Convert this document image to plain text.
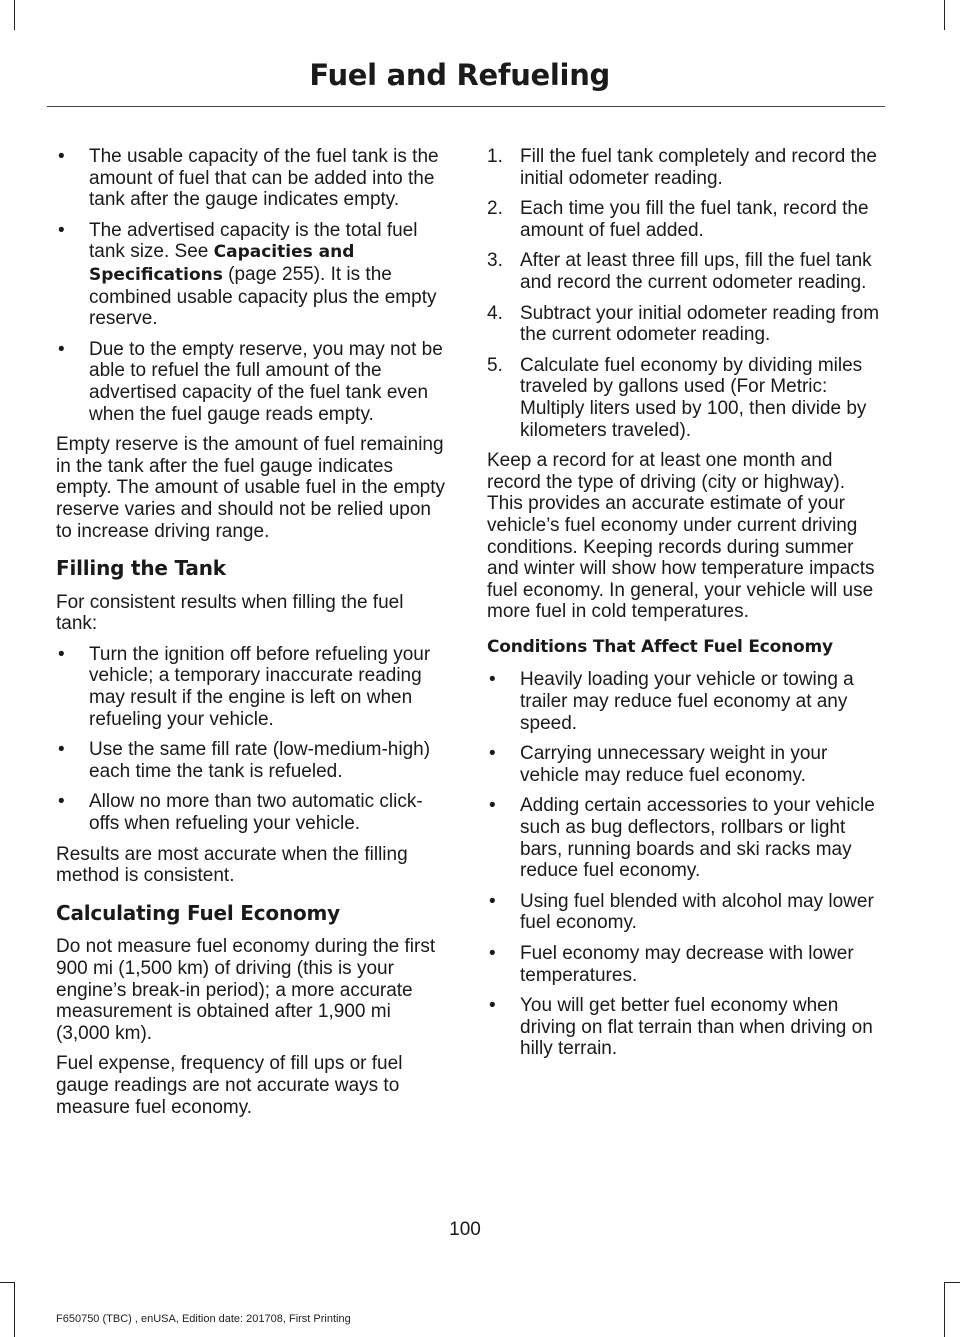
Fuel and Refueling
• The usable capacity of the fuel tank is the amount of fuel that can be added into the tank after the gauge indicates empty.
• The advertised capacity is the total fuel tank size. See Capacities and Specifications (page 255). It is the combined usable capacity plus the empty reserve.
• Due to the empty reserve, you may not be able to refuel the full amount of the advertised capacity of the fuel tank even when the fuel gauge reads empty.

Empty reserve is the amount of fuel remaining in the tank after the fuel gauge indicates empty. The amount of usable fuel in the empty reserve varies and should not be relied upon to increase driving range.

Filling the Tank

For consistent results when filling the fuel tank:

• Turn the ignition off before refueling your vehicle; a temporary inaccurate reading may result if the engine is left on when refueling your vehicle.
• Use the same fill rate (low-medium-high) each time the tank is refueled.
• Allow no more than two automatic click-offs when refueling your vehicle.

Results are most accurate when the filling method is consistent.

Calculating Fuel Economy

Do not measure fuel economy during the first 900 mi (1,500 km) of driving (this is your engine’s break-in period); a more accurate measurement is obtained after 1,900 mi (3,000 km).

Fuel expense, frequency of fill ups or fuel gauge readings are not accurate ways to measure fuel economy.

1. Fill the fuel tank completely and record the initial odometer reading.
2. Each time you fill the fuel tank, record the amount of fuel added.
3. After at least three fill ups, fill the fuel tank and record the current odometer reading.
4. Subtract your initial odometer reading from the current odometer reading.
5. Calculate fuel economy by dividing miles traveled by gallons used (For Metric: Multiply liters used by 100, then divide by kilometers traveled).

Keep a record for at least one month and record the type of driving (city or highway). This provides an accurate estimate of your vehicle’s fuel economy under current driving conditions. Keeping records during summer and winter will show how temperature impacts fuel economy. In general, your vehicle will use more fuel in cold temperatures.

Conditions That Affect Fuel Economy
• Heavily loading your vehicle or towing a trailer may reduce fuel economy at any speed.
• Carrying unnecessary weight in your vehicle may reduce fuel economy.
• Adding certain accessories to your vehicle such as bug deflectors, rollbars or light bars, running boards and ski racks may reduce fuel economy.
• Using fuel blended with alcohol may lower fuel economy.
• Fuel economy may decrease with lower temperatures.
• You will get better fuel economy when driving on flat terrain than when driving on hilly terrain.
100
F650750 (TBC) , enUSA, Edition date: 201708, First Printing
